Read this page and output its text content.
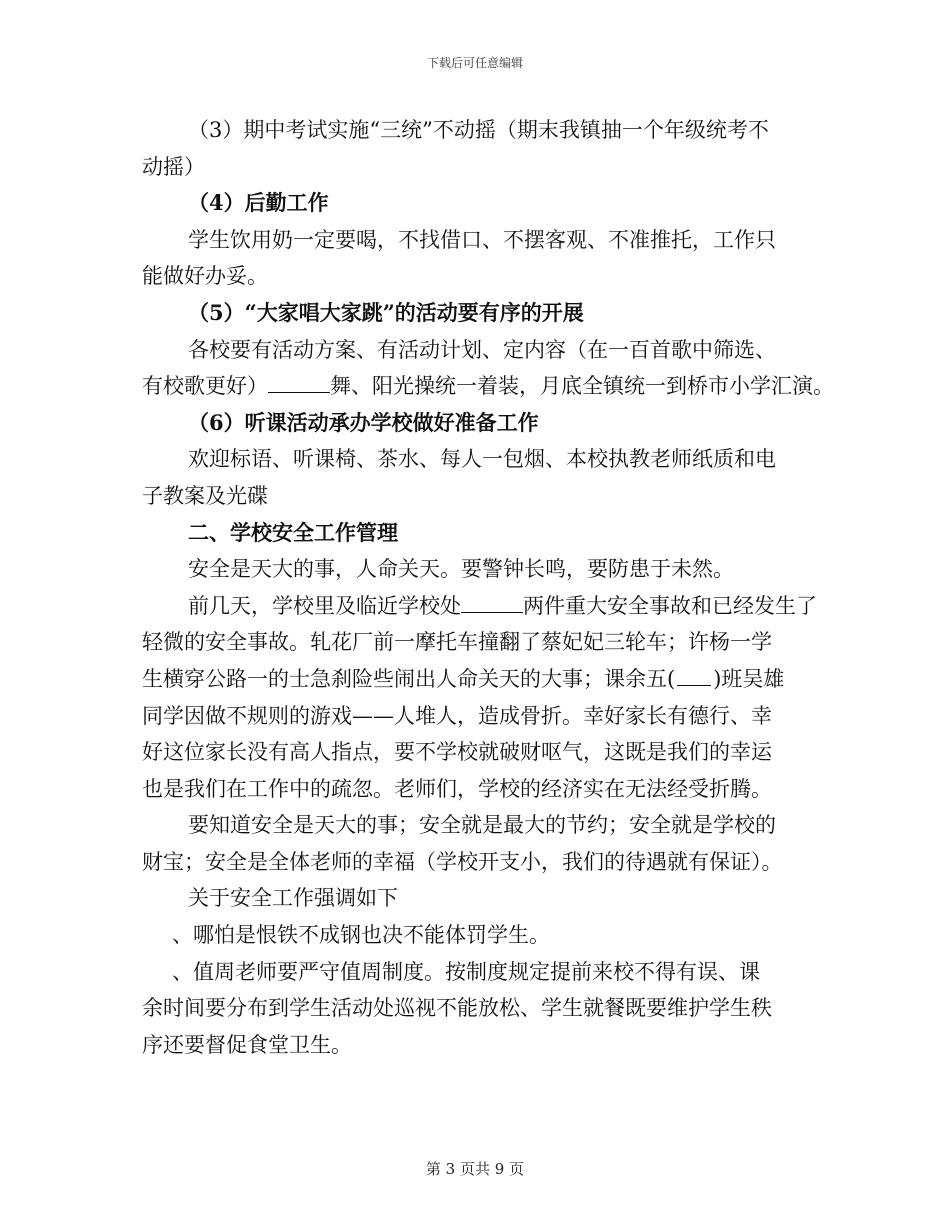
下载后可任意编辑
（3）期中考试实施“三统”不动摇（期末我镇抽一个年级统考不
动摇）
（4）后勤工作
学生饮用奶一定要喝，不找借口、不摆客观、不准推托，工作只
能做好办妥。
（5）“大家唱大家跳”的活动要有序的开展
各校要有活动方案、有活动计划、定内容（在一百首歌中筛选、
有校歌更好）	舞、阳光操统一着装，月底全镇统一到桥市小学汇演。
（6）听课活动承办学校做好准备工作
欢迎标语、听课椅、茶水、每人一包烟、本校执教老师纸质和电
子教案及光碟
二、学校安全工作管理
安全是天大的事，人命关天。要警钟长鸣，要防患于未然。
前几天，学校里及临近学校处	两件重大安全事故和已经发生了
轻微的安全事故。轧花厂前一摩托车撞翻了蔡妃妃三轮车；许杨一学
生横穿公路一的士急刹险些闹出人命关天的大事；课余五( )班吴雄
同学因做不规则的游戏——人堆人，造成骨折。幸好家长有德行、幸
好这位家长没有高人指点，要不学校就破财呕气，这既是我们的幸运
也是我们在工作中的疏忽。老师们，学校的经济实在无法经受折腾。
要知道安全是天大的事；安全就是最大的节约；安全就是学校的
财宝；安全是全体老师的幸福（学校开支小，我们的待遇就有保证）。
关于安全工作强调如下
、哪怕是恨铁不成钢也决不能体罚学生。
、值周老师要严守值周制度。按制度规定提前来校不得有误、课
余时间要分布到学生活动处巡视不能放松、学生就餐既要维护学生秩
序还要督促食堂卫生。
第 3 页共 9 页
